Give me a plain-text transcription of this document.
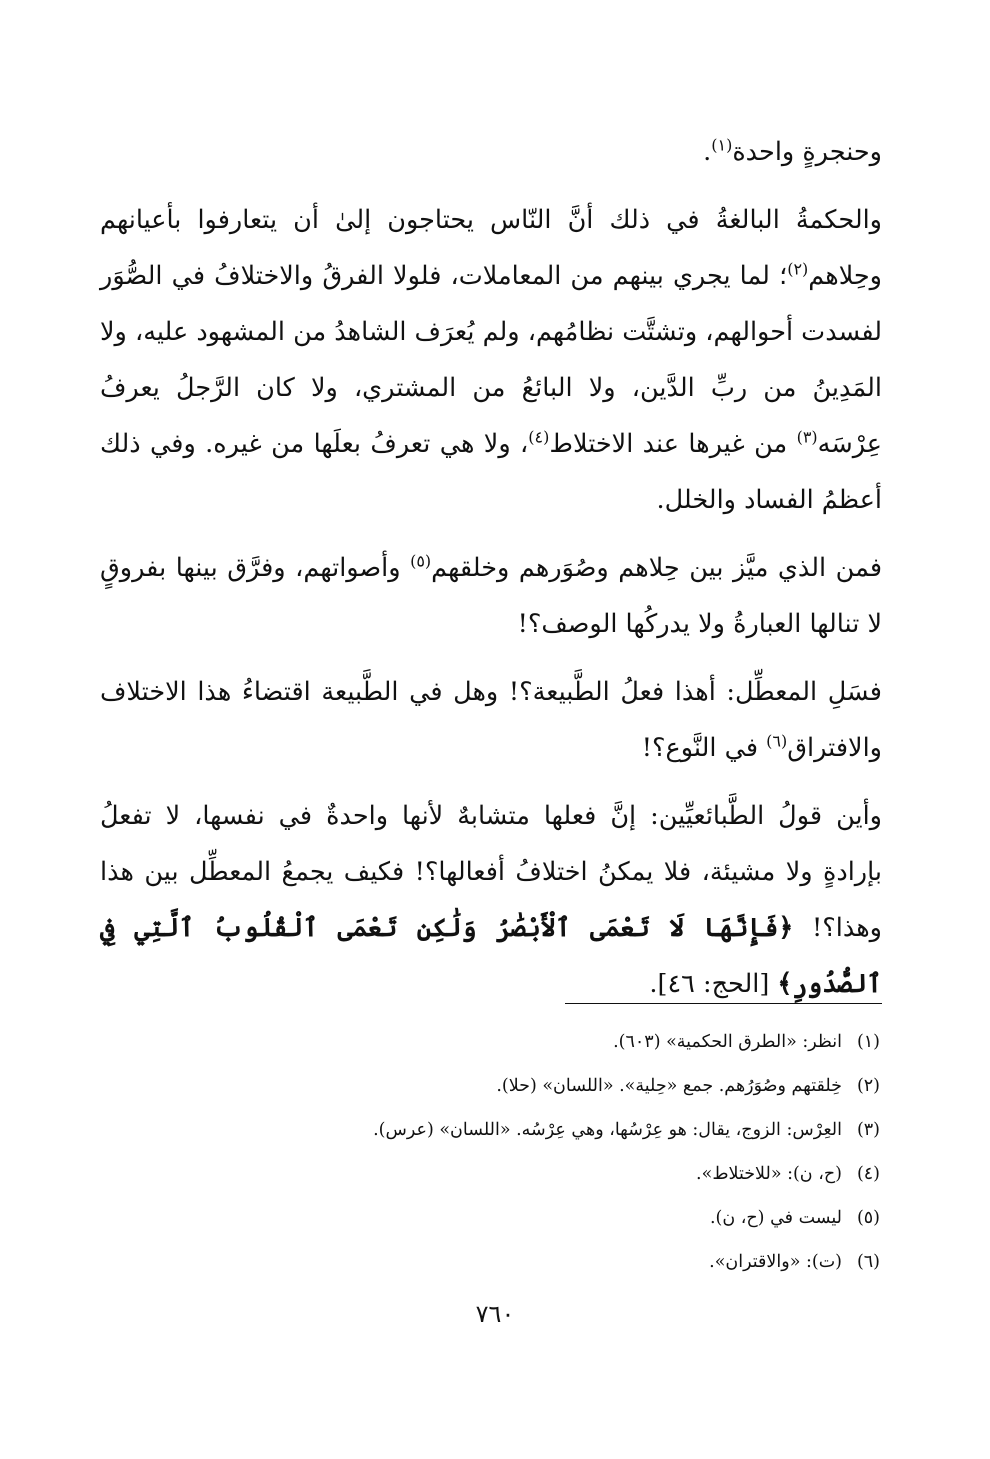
وحنجرةٍ واحدة$^{(١)}$.

والحكمةُ البالغةُ في ذلك أنَّ النّاس يحتاجون إلىٰ أن يتعارفوا بأعيانهم وحِلاهم$^{(٢)}$؛ لما يجري بينهم من المعاملات، فلولا الفرقُ والاختلافُ في الصُّوَر لفسدت أحوالهم، وتشتَّت نظامُهم، ولم يُعرَف الشاهدُ من المشهود عليه، ولا المَدِينُ من ربِّ الدَّين، ولا البائعُ من المشتري، ولا كان الرَّجلُ يعرفُ عِرْسَه$^{(٣)}$ من غيرها عند الاختلاط$^{(٤)}$، ولا هي تعرفُ بعلَها من غيره. وفي ذلك أعظمُ الفساد والخلل.

فمن الذي ميَّز بين حِلاهم وصُوَرهم وخلقهم$^{(٥)}$ وأصواتهم، وفرَّق بينها بفروقٍ لا تنالها العبارةُ ولا يدركُها الوصف؟!

فسَلِ المعطِّل: أهذا فعلُ الطَّبيعة؟! وهل في الطَّبيعة اقتضاءُ هذا الاختلاف والافتراق$^{(٦)}$ في النَّوع؟!

وأين قولُ الطَّبائعيِّين: إنَّ فعلها متشابهٌ لأنها واحدةٌ في نفسها، لا تفعلُ بإرادةٍ ولا مشيئة، فلا يمكنُ اختلافُ أفعالها؟! فكيف يجمعُ المعطِّل بين هذا وهذا؟! ﴿فَإِنَّهَا لَا تَعْمَى ٱلْأَبْصَٰرُ وَلَٰكِن تَعْمَى ٱلْقُلُوبُ ٱلَّتِي فِي ٱلصُّدُورِ﴾ [الحج: ٤٦].

(١)انظر: «الطرق الحكمية» (٦٠٣).

(٢)خِلقتهم وصُوَرُهم. جمع «حِلية». «اللسان» (حلا).

(٣)العِرْس: الزوج، يقال: هو عِرْسُها، وهي عِرْسُه. «اللسان» (عرس).

(٤)(ح، ن): «للاختلاط».

(٥)ليست في (ح، ن).

(٦)(ت): «والاقتران».

٧٦٠
